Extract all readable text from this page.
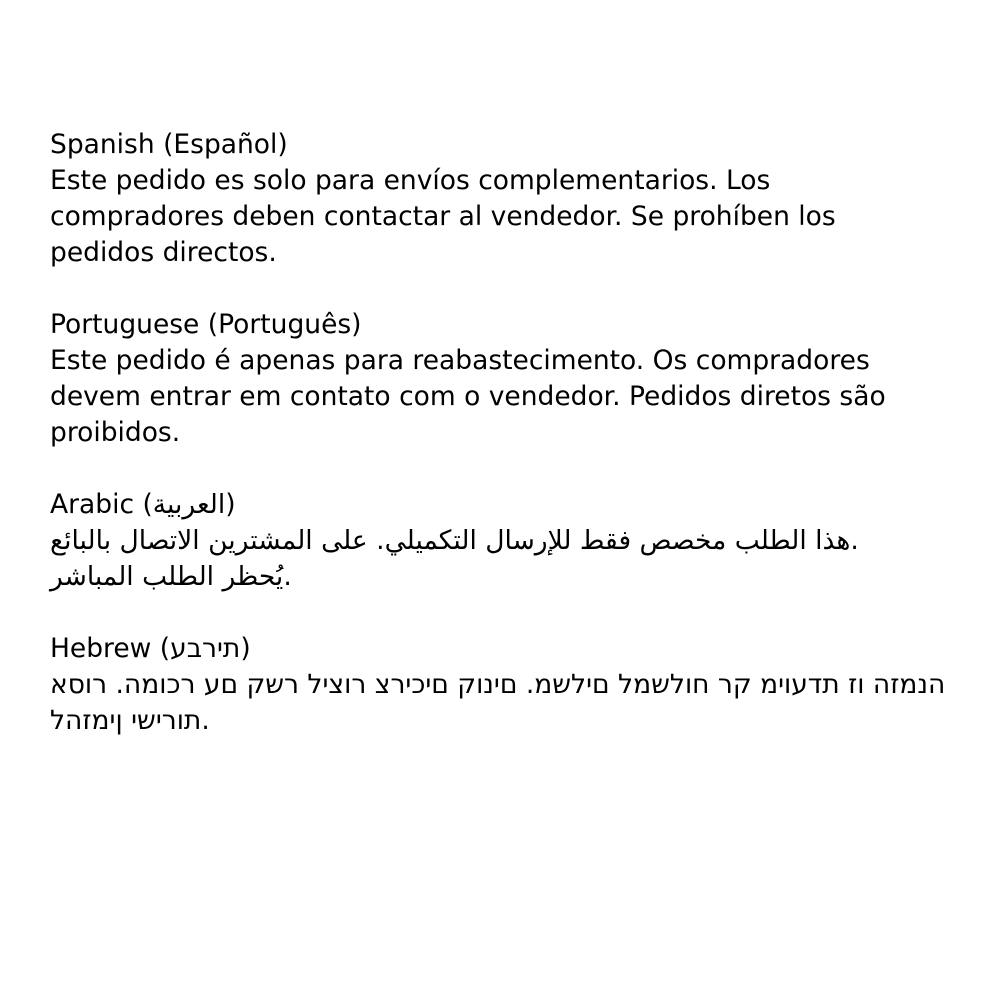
Spanish (Español)

Este pedido es solo para envíos complementarios. Los
compradores deben contactar al vendedor. Se prohíben los
pedidos directos.

Portuguese (Português)

Este pedido é apenas para reabastecimento. Os compradores
devem entrar em contato com o vendedor. Pedidos diretos são
proibidos.

Arabic (العربية)

هذا الطلب مخصص فقط للإرسال التكميلي. على المشترين الاتصال بالبائع.
يُحظر الطلب المباشر.

Hebrew (תירבע)

הנמזה וז תדעוימ קר חולשמל םילשמ. םינוק םיכירצ רוציל רשק םע רכומה. רוסא
תורישי ןימזהל.
